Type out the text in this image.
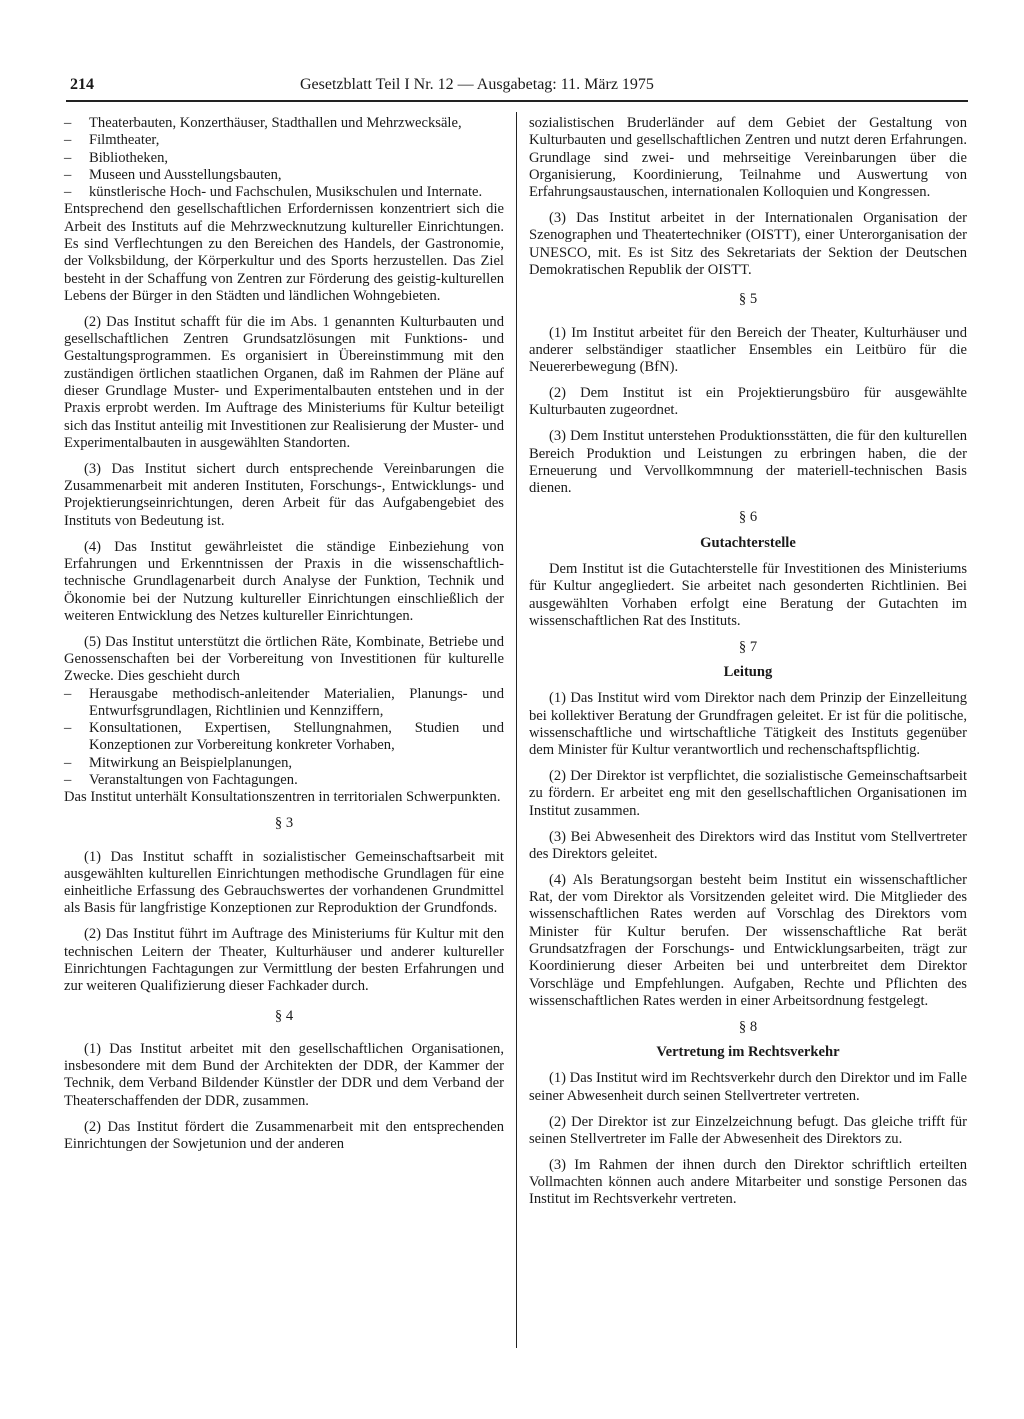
214	Gesetzblatt Teil I Nr. 12 — Ausgabetag: 11. März 1975
– Theaterbauten, Konzerthäuser, Stadthallen und Mehrzwecksäle,
– Filmtheater,
– Bibliotheken,
– Museen und Ausstellungsbauten,
– künstlerische Hoch- und Fachschulen, Musikschulen und Internate.

Entsprechend den gesellschaftlichen Erfordernissen konzentriert sich die Arbeit des Instituts auf die Mehrzwecknutzung kultureller Einrichtungen. Es sind Verflechtungen zu den Bereichen des Handels, der Gastronomie, der Volksbildung, der Körperkultur und des Sports herzustellen. Das Ziel besteht in der Schaffung von Zentren zur Förderung des geistig-kulturellen Lebens der Bürger in den Städten und ländlichen Wohngebieten.

(2) Das Institut schafft für die im Abs. 1 genannten Kulturbauten und gesellschaftlichen Zentren Grundsatzlösungen mit Funktions- und Gestaltungsprogrammen. Es organisiert in Übereinstimmung mit den zuständigen örtlichen staatlichen Organen, daß im Rahmen der Pläne auf dieser Grundlage Muster- und Experimentalbauten entstehen und in der Praxis erprobt werden. Im Auftrage des Ministeriums für Kultur beteiligt sich das Institut anteilig mit Investitionen zur Realisierung der Muster- und Experimentalbauten in ausgewählten Standorten.

(3) Das Institut sichert durch entsprechende Vereinbarungen die Zusammenarbeit mit anderen Instituten, Forschungs-, Entwicklungs- und Projektierungseinrichtungen, deren Arbeit für das Aufgabengebiet des Instituts von Bedeutung ist.

(4) Das Institut gewährleistet die ständige Einbeziehung von Erfahrungen und Erkenntnissen der Praxis in die wissenschaftlich-technische Grundlagenarbeit durch Analyse der Funktion, Technik und Ökonomie bei der Nutzung kultureller Einrichtungen einschließlich der weiteren Entwicklung des Netzes kultureller Einrichtungen.

(5) Das Institut unterstützt die örtlichen Räte, Kombinate, Betriebe und Genossenschaften bei der Vorbereitung von Investitionen für kulturelle Zwecke. Dies geschieht durch

– Herausgabe methodisch-anleitender Materialien, Planungs- und Entwurfsgrundlagen, Richtlinien und Kennziffern,
– Konsultationen, Expertisen, Stellungnahmen, Studien und Konzeptionen zur Vorbereitung konkreter Vorhaben,
– Mitwirkung an Beispielplanungen,
– Veranstaltungen von Fachtagungen.

Das Institut unterhält Konsultationszentren in territorialen Schwerpunkten.

§ 3

(1) Das Institut schafft in sozialistischer Gemeinschaftsarbeit mit ausgewählten kulturellen Einrichtungen methodische Grundlagen für eine einheitliche Erfassung des Gebrauchswertes der vorhandenen Grundmittel als Basis für langfristige Konzeptionen zur Reproduktion der Grundfonds.

(2) Das Institut führt im Auftrage des Ministeriums für Kultur mit den technischen Leitern der Theater, Kulturhäuser und anderer kultureller Einrichtungen Fachtagungen zur Vermittlung der besten Erfahrungen und zur weiteren Qualifizierung dieser Fachkader durch.

§ 4

(1) Das Institut arbeitet mit den gesellschaftlichen Organisationen, insbesondere mit dem Bund der Architekten der DDR, der Kammer der Technik, dem Verband Bildender Künstler der DDR und dem Verband der Theaterschaffenden der DDR, zusammen.

(2) Das Institut fördert die Zusammenarbeit mit den entsprechenden Einrichtungen der Sowjetunion und der anderen

sozialistischen Bruderländer auf dem Gebiet der Gestaltung von Kulturbauten und gesellschaftlichen Zentren und nutzt deren Erfahrungen. Grundlage sind zwei- und mehrseitige Vereinbarungen über die Organisierung, Koordinierung, Teilnahme und Auswertung von Erfahrungsaustauschen, internationalen Kolloquien und Kongressen.

(3) Das Institut arbeitet in der Internationalen Organisation der Szenographen und Theatertechniker (OISTT), einer Unterorganisation der UNESCO, mit. Es ist Sitz des Sekretariats der Sektion der Deutschen Demokratischen Republik der OISTT.

§ 5

(1) Im Institut arbeitet für den Bereich der Theater, Kulturhäuser und anderer selbständiger staatlicher Ensembles ein Leitbüro für die Neuererbewegung (BfN).

(2) Dem Institut ist ein Projektierungsbüro für ausgewählte Kulturbauten zugeordnet.

(3) Dem Institut unterstehen Produktionsstätten, die für den kulturellen Bereich Produktion und Leistungen zu erbringen haben, die der Erneuerung und Vervollkommnung der materiell-technischen Basis dienen.

§ 6

Gutachterstelle

Dem Institut ist die Gutachterstelle für Investitionen des Ministeriums für Kultur angegliedert. Sie arbeitet nach gesonderten Richtlinien. Bei ausgewählten Vorhaben erfolgt eine Beratung der Gutachten im wissenschaftlichen Rat des Instituts.

§ 7

Leitung

(1) Das Institut wird vom Direktor nach dem Prinzip der Einzelleitung bei kollektiver Beratung der Grundfragen geleitet. Er ist für die politische, wissenschaftliche und wirtschaftliche Tätigkeit des Instituts gegenüber dem Minister für Kultur verantwortlich und rechenschaftspflichtig.

(2) Der Direktor ist verpflichtet, die sozialistische Gemeinschaftsarbeit zu fördern. Er arbeitet eng mit den gesellschaftlichen Organisationen im Institut zusammen.

(3) Bei Abwesenheit des Direktors wird das Institut vom Stellvertreter des Direktors geleitet.

(4) Als Beratungsorgan besteht beim Institut ein wissenschaftlicher Rat, der vom Direktor als Vorsitzenden geleitet wird. Die Mitglieder des wissenschaftlichen Rates werden auf Vorschlag des Direktors vom Minister für Kultur berufen. Der wissenschaftliche Rat berät Grundsatzfragen der Forschungs- und Entwicklungsarbeiten, trägt zur Koordinierung dieser Arbeiten bei und unterbreitet dem Direktor Vorschläge und Empfehlungen. Aufgaben, Rechte und Pflichten des wissenschaftlichen Rates werden in einer Arbeitsordnung festgelegt.

§ 8

Vertretung im Rechtsverkehr

(1) Das Institut wird im Rechtsverkehr durch den Direktor und im Falle seiner Abwesenheit durch seinen Stellvertreter vertreten.

(2) Der Direktor ist zur Einzelzeichnung befugt. Das gleiche trifft für seinen Stellvertreter im Falle der Abwesenheit des Direktors zu.

(3) Im Rahmen der ihnen durch den Direktor schriftlich erteilten Vollmachten können auch andere Mitarbeiter und sonstige Personen das Institut im Rechtsverkehr vertreten.
